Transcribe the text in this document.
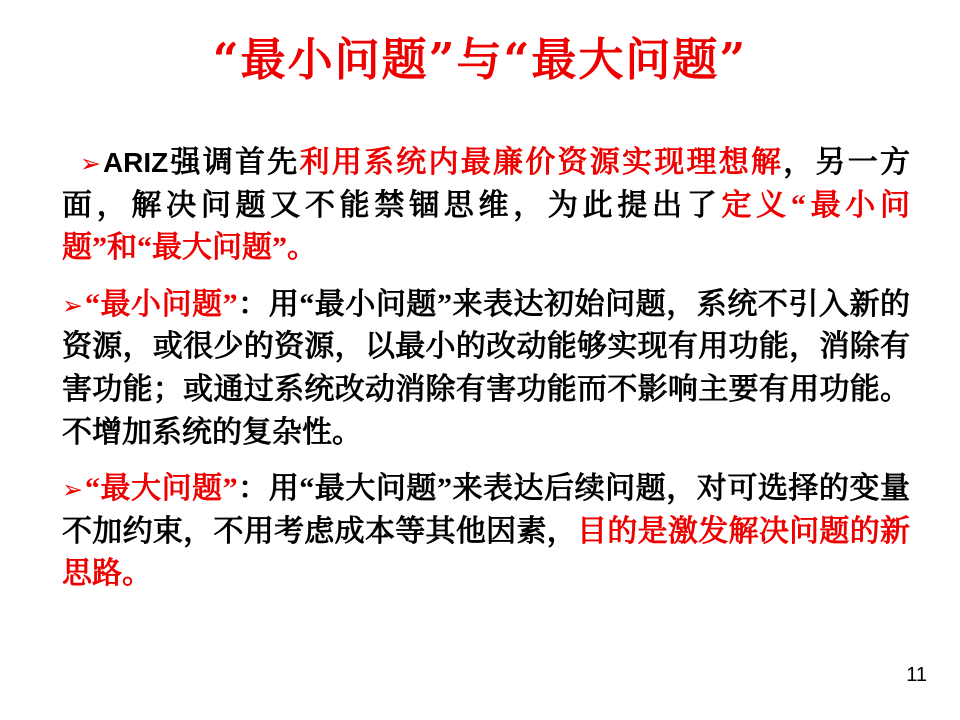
“最小问题”与“最大问题”
➢ARIZ强调首先利用系统内最廉价资源实现理想解，另一方面，解决问题又不能禁锢思维，为此提出了定义“最小问题”和“最大问题”。
➢“最小问题”：用“最小问题”来表达初始问题，系统不引入新的资源，或很少的资源，以最小的改动能够实现有用功能，消除有害功能；或通过系统改动消除有害功能而不影响主要有用功能。不增加系统的复杂性。
➢“最大问题”：用“最大问题”来表达后续问题，对可选择的变量不加约束，不用考虑成本等其他因素，目的是激发解决问题的新思路。
11
